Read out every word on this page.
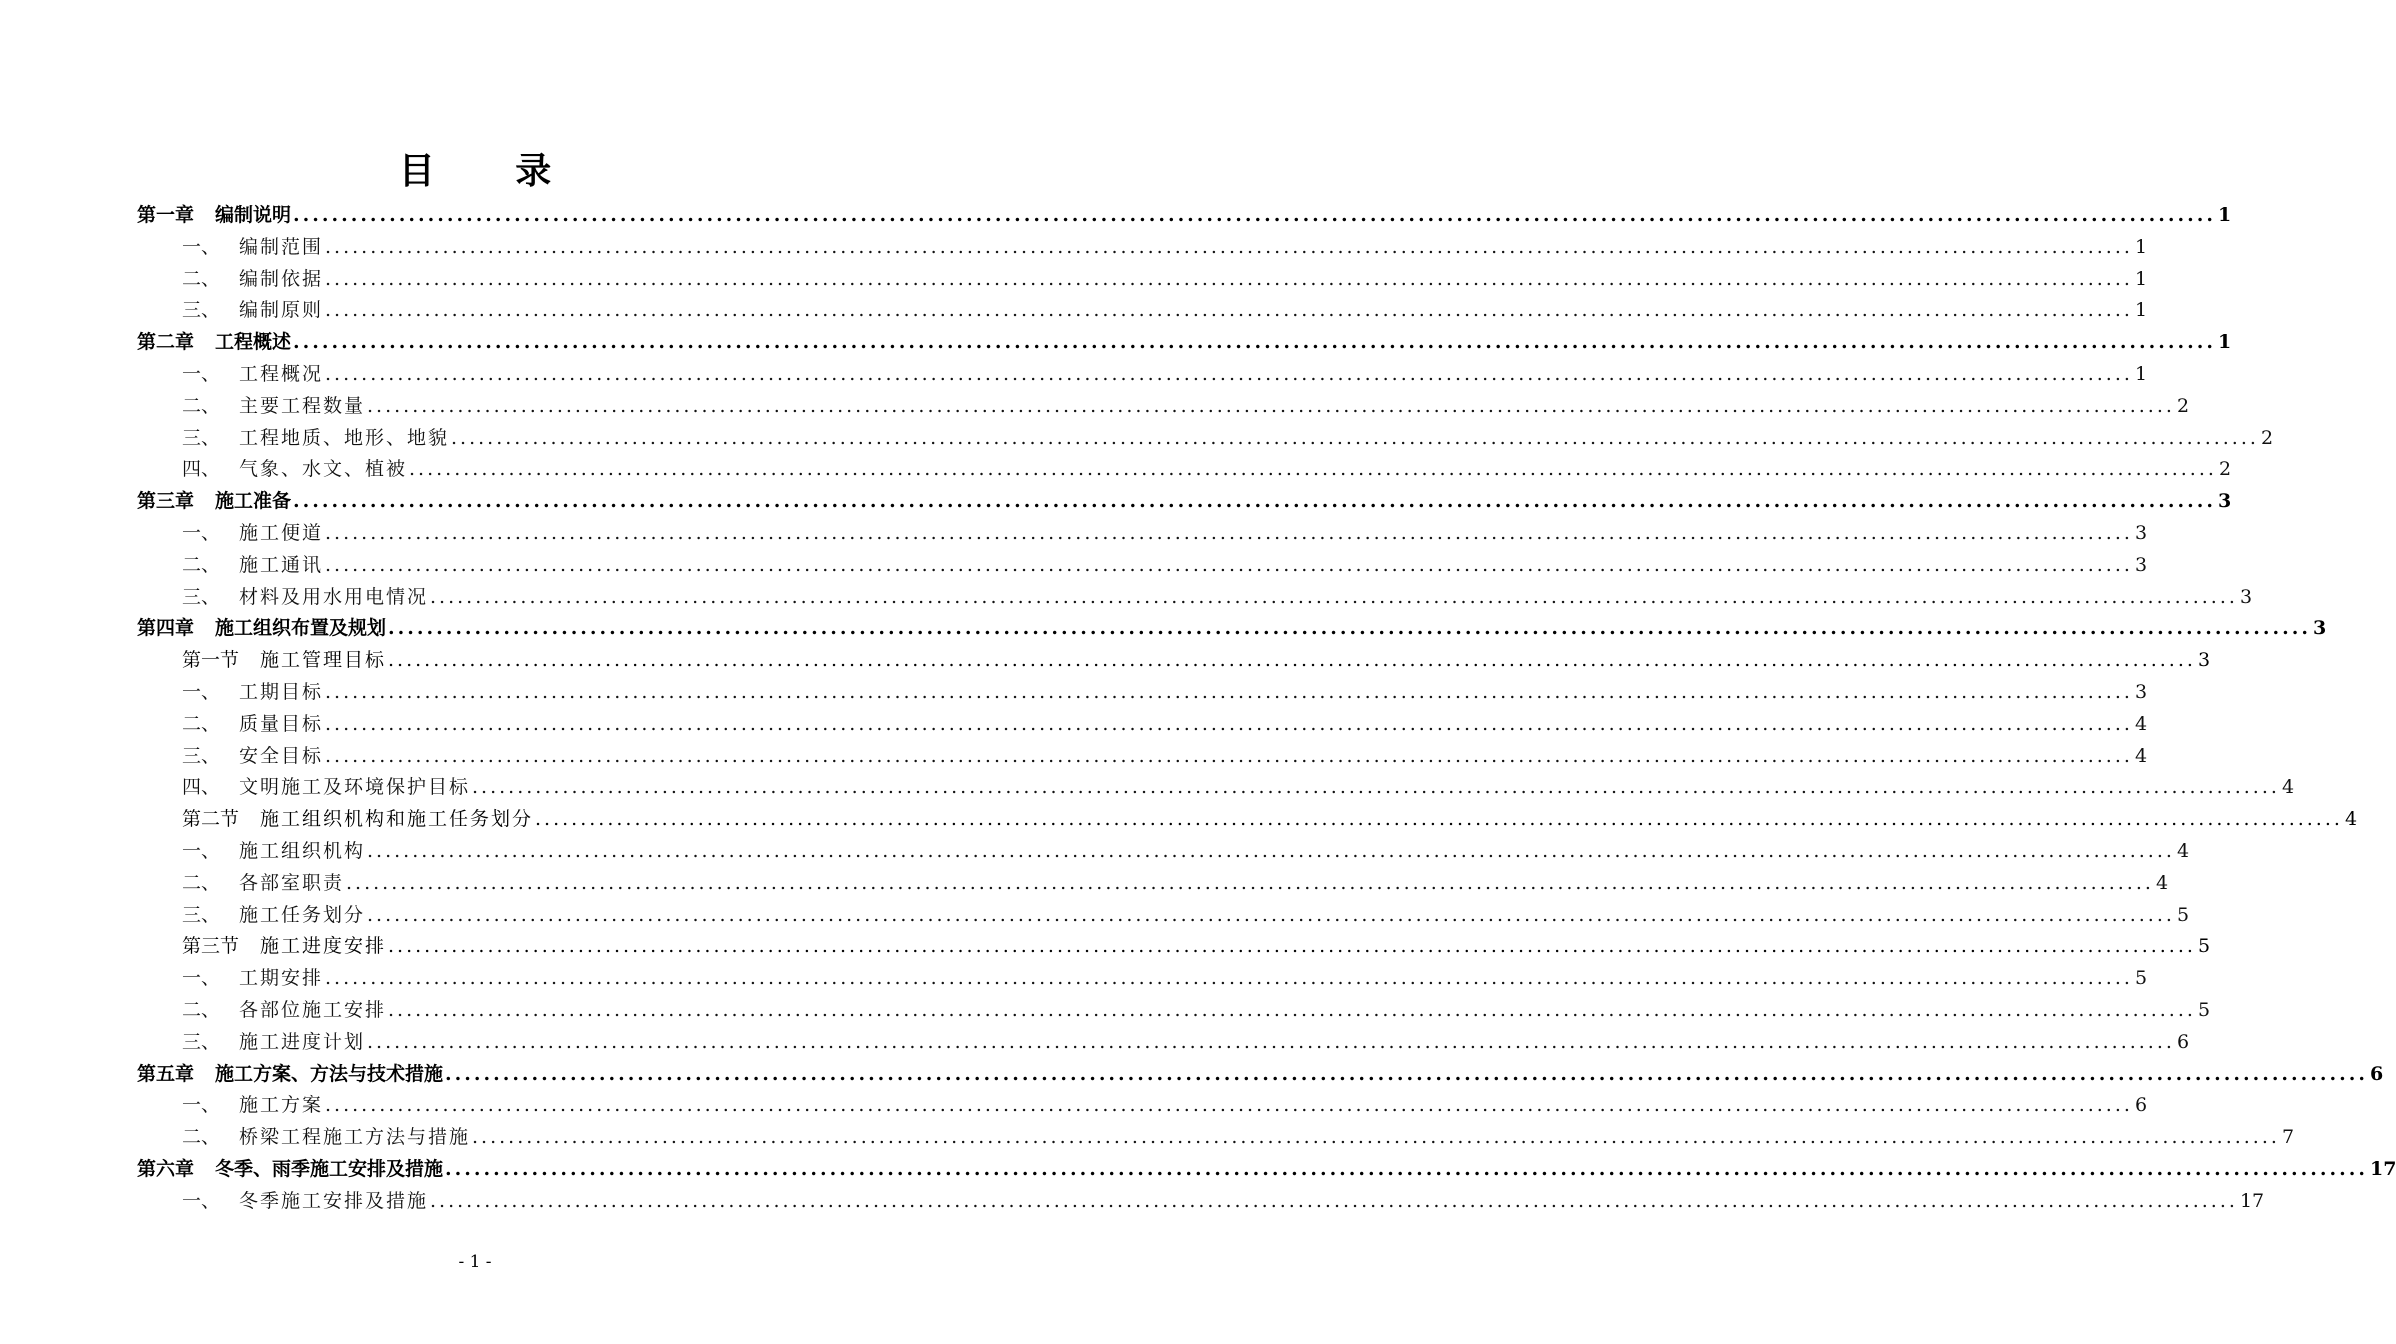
目 录
第一章 编制说明 ........................................................................................................................................................................................................ 1
一、 编制范围 ........................................................................................................................................................................................................ 1
二、 编制依据 ........................................................................................................................................................................................................ 1
三、 编制原则 ........................................................................................................................................................................................................ 1
第二章 工程概述 ........................................................................................................................................................................................................ 1
一、 工程概况 ........................................................................................................................................................................................................ 1
二、 主要工程数量 ........................................................................................................................................................................................................ 2
三、 工程地质、地形、地貌 ........................................................................................................................................................................................................ 2
四、 气象、水文、植被 ........................................................................................................................................................................................................ 2
第三章 施工准备 ........................................................................................................................................................................................................ 3
一、 施工便道 ........................................................................................................................................................................................................ 3
二、 施工通讯 ........................................................................................................................................................................................................ 3
三、 材料及用水用电情况 ........................................................................................................................................................................................................ 3
第四章 施工组织布置及规划 ........................................................................................................................................................................................................ 3
第一节 施工管理目标 ........................................................................................................................................................................................................ 3
一、 工期目标 ........................................................................................................................................................................................................ 3
二、 质量目标 ........................................................................................................................................................................................................ 4
三、 安全目标 ........................................................................................................................................................................................................ 4
四、 文明施工及环境保护目标 ........................................................................................................................................................................................................ 4
第二节 施工组织机构和施工任务划分 ........................................................................................................................................................................................................ 4
一、 施工组织机构 ........................................................................................................................................................................................................ 4
二、 各部室职责 ........................................................................................................................................................................................................ 4
三、 施工任务划分 ........................................................................................................................................................................................................ 5
第三节 施工进度安排 ........................................................................................................................................................................................................ 5
一、 工期安排 ........................................................................................................................................................................................................ 5
二、 各部位施工安排 ........................................................................................................................................................................................................ 5
三、 施工进度计划 ........................................................................................................................................................................................................ 6
第五章 施工方案、方法与技术措施 ........................................................................................................................................................................................................ 6
一、 施工方案 ........................................................................................................................................................................................................ 6
二、 桥梁工程施工方法与措施 ........................................................................................................................................................................................................ 7
第六章 冬季、雨季施工安排及措施 ........................................................................................................................................................................................................ 17
一、 冬季施工安排及措施 ........................................................................................................................................................................................................ 17
- 1 -
